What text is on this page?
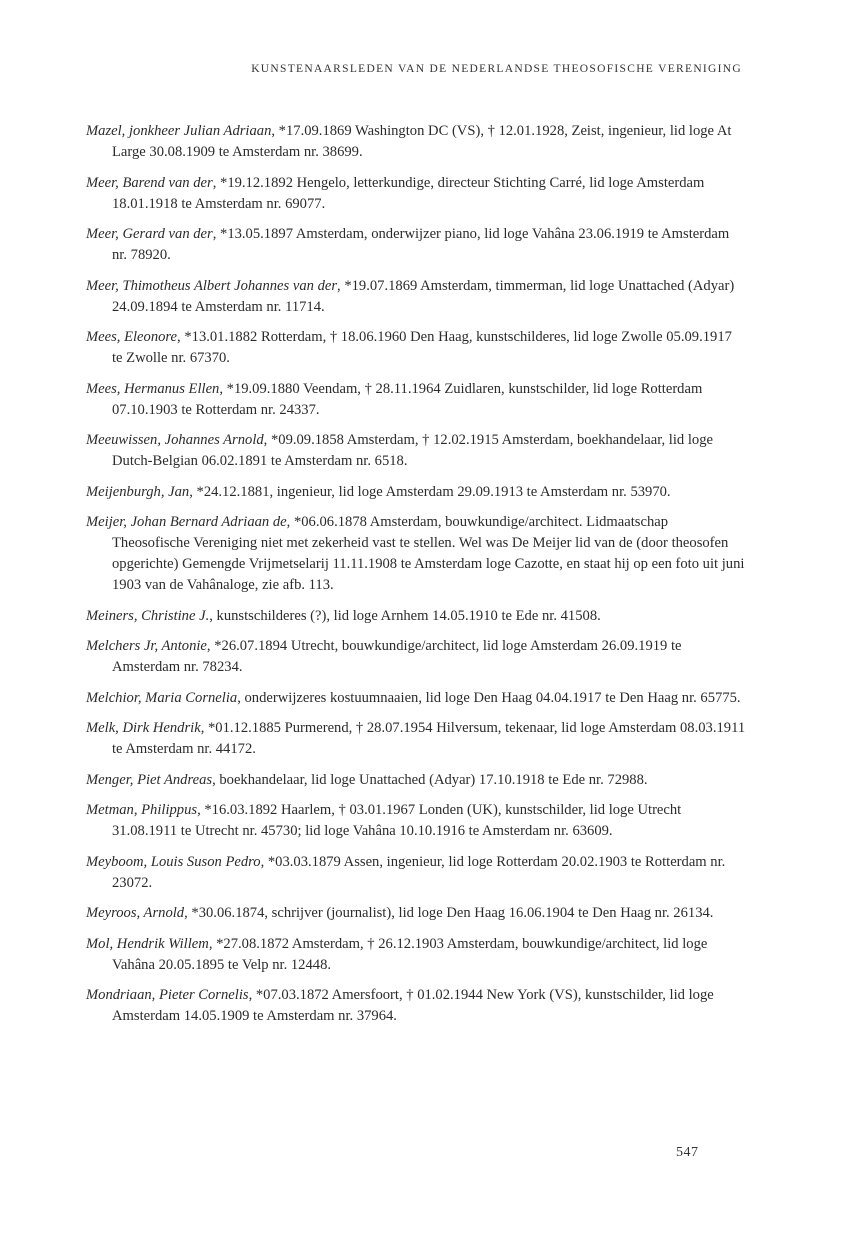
KUNSTENAARSLEDEN VAN DE NEDERLANDSE THEOSOFISCHE VERENIGING

Mazel, jonkheer Julian Adriaan, *17.09.1869 Washington DC (VS), † 12.01.1928, Zeist, ingenieur, lid loge At Large 30.08.1909 te Amsterdam nr. 38699.

Meer, Barend van der, *19.12.1892 Hengelo, letterkundige, directeur Stichting Carré, lid loge Amsterdam 18.01.1918 te Amsterdam nr. 69077.

Meer, Gerard van der, *13.05.1897 Amsterdam, onderwijzer piano, lid loge Vahâna 23.06.1919 te Amsterdam nr. 78920.

Meer, Thimotheus Albert Johannes van der, *19.07.1869 Amsterdam, timmerman, lid loge Unattached (Adyar) 24.09.1894 te Amsterdam nr. 11714.

Mees, Eleonore, *13.01.1882 Rotterdam, † 18.06.1960 Den Haag, kunstschilderes, lid loge Zwolle 05.09.1917 te Zwolle nr. 67370.

Mees, Hermanus Ellen, *19.09.1880 Veendam, † 28.11.1964 Zuidlaren, kunstschilder, lid loge Rotterdam 07.10.1903 te Rotterdam nr. 24337.

Meeuwissen, Johannes Arnold, *09.09.1858 Amsterdam, † 12.02.1915 Amsterdam, boekhandelaar, lid loge Dutch-Belgian 06.02.1891 te Amsterdam nr. 6518.

Meijenburgh, Jan, *24.12.1881, ingenieur, lid loge Amsterdam 29.09.1913 te Amsterdam nr. 53970.

Meijer, Johan Bernard Adriaan de, *06.06.1878 Amsterdam, bouwkundige/architect. Lidmaatschap Theosofische Vereniging niet met zekerheid vast te stellen. Wel was De Meijer lid van de (door theosofen opgerichte) Gemengde Vrijmetselarij 11.11.1908 te Amsterdam loge Cazotte, en staat hij op een foto uit juni 1903 van de Vahânaloge, zie afb. 113.

Meiners, Christine J., kunstschilderes (?), lid loge Arnhem 14.05.1910 te Ede nr. 41508.

Melchers Jr, Antonie, *26.07.1894 Utrecht, bouwkundige/architect, lid loge Amsterdam 26.09.1919 te Amsterdam nr. 78234.

Melchior, Maria Cornelia, onderwijzeres kostuumnaaien, lid loge Den Haag 04.04.1917 te Den Haag nr. 65775.

Melk, Dirk Hendrik, *01.12.1885 Purmerend, † 28.07.1954 Hilversum, tekenaar, lid loge Amsterdam 08.03.1911 te Amsterdam nr. 44172.

Menger, Piet Andreas, boekhandelaar, lid loge Unattached (Adyar) 17.10.1918 te Ede nr. 72988.

Metman, Philippus, *16.03.1892 Haarlem, † 03.01.1967 Londen (UK), kunstschilder, lid loge Utrecht 31.08.1911 te Utrecht nr. 45730; lid loge Vahâna 10.10.1916 te Amsterdam nr. 63609.

Meyboom, Louis Suson Pedro, *03.03.1879 Assen, ingenieur, lid loge Rotterdam 20.02.1903 te Rotterdam nr. 23072.

Meyroos, Arnold, *30.06.1874, schrijver (journalist), lid loge Den Haag 16.06.1904 te Den Haag nr. 26134.

Mol, Hendrik Willem, *27.08.1872 Amsterdam, † 26.12.1903 Amsterdam, bouwkundige/architect, lid loge Vahâna 20.05.1895 te Velp nr. 12448.

Mondriaan, Pieter Cornelis, *07.03.1872 Amersfoort, † 01.02.1944 New York (VS), kunstschilder, lid loge Amsterdam 14.05.1909 te Amsterdam nr. 37964.

547
